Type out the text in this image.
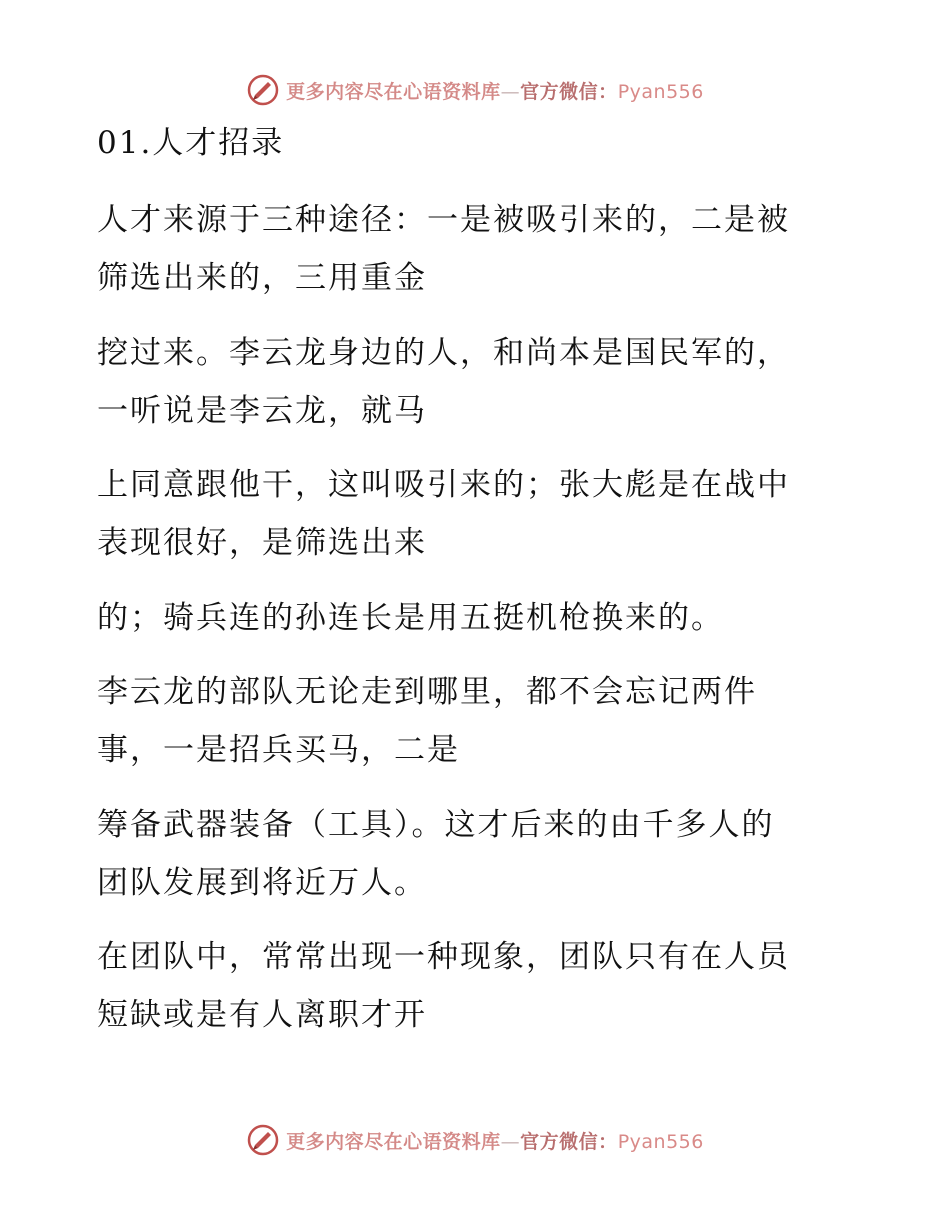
更多内容尽在心语资料库—官方微信：Pyan556
01.人才招录
人才来源于三种途径：一是被吸引来的，二是被
筛选出来的，三用重金
挖过来。李云龙身边的人，和尚本是国民军的，
一听说是李云龙，就马
上同意跟他干，这叫吸引来的；张大彪是在战中
表现很好，是筛选出来
的；骑兵连的孙连长是用五挺机枪换来的。
李云龙的部队无论走到哪里，都不会忘记两件
事，一是招兵买马，二是
筹备武器装备（工具）。这才后来的由千多人的
团队发展到将近万人。
在团队中，常常出现一种现象，团队只有在人员
短缺或是有人离职才开
更多内容尽在心语资料库—官方微信：Pyan556
